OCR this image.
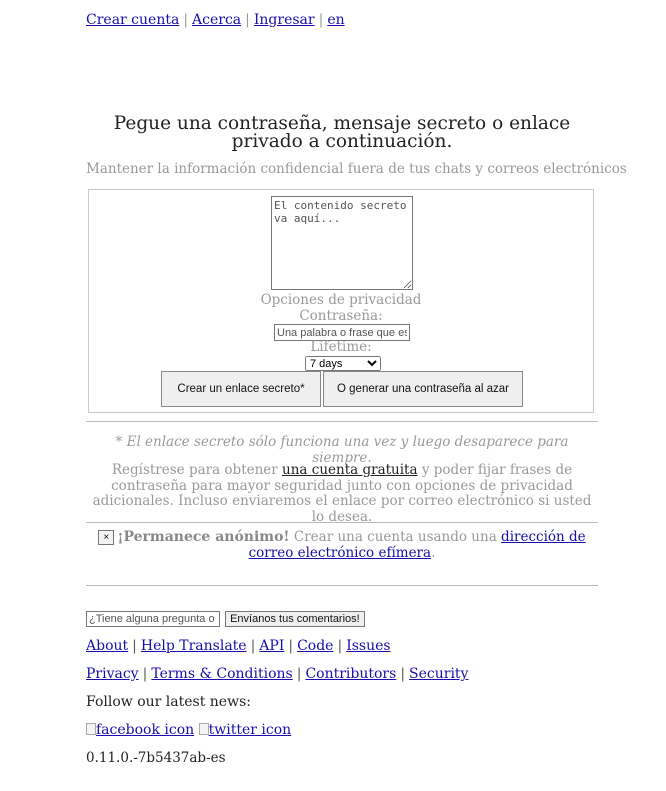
Crear cuenta | Acerca | Ingresar | en
Pegue una contraseña, mensaje secreto o enlace privado a continuación.
Mantener la información confidencial fuera de tus chats y correos electrónicos
El contenido secreto va aquí...
Opciones de privacidad
Contraseña:
Una palabra o frase que es difícil de adivinar
Lifetime:
7 days
Crear un enlace secreto*	O generar una contraseña al azar
* El enlace secreto sólo funciona una vez y luego desaparece para siempre.
Regístrese para obtener una cuenta gratuita y poder fijar frases de contraseña para mayor seguridad junto con opciones de privacidad adicionales. Incluso enviaremos el enlace por correo electrónico si usted lo desea.
× ¡Permanece anónimo! Crear una cuenta usando una dirección de correo electrónico efímera.
¿Tiene alguna pregunta o comentario? Envíanos tus comentarios!
About | Help Translate | API | Code | Issues
Privacy | Terms & Conditions | Contributors | Security
Follow our latest news:
facebook icon twitter icon
0.11.0.-7b5437ab-es
